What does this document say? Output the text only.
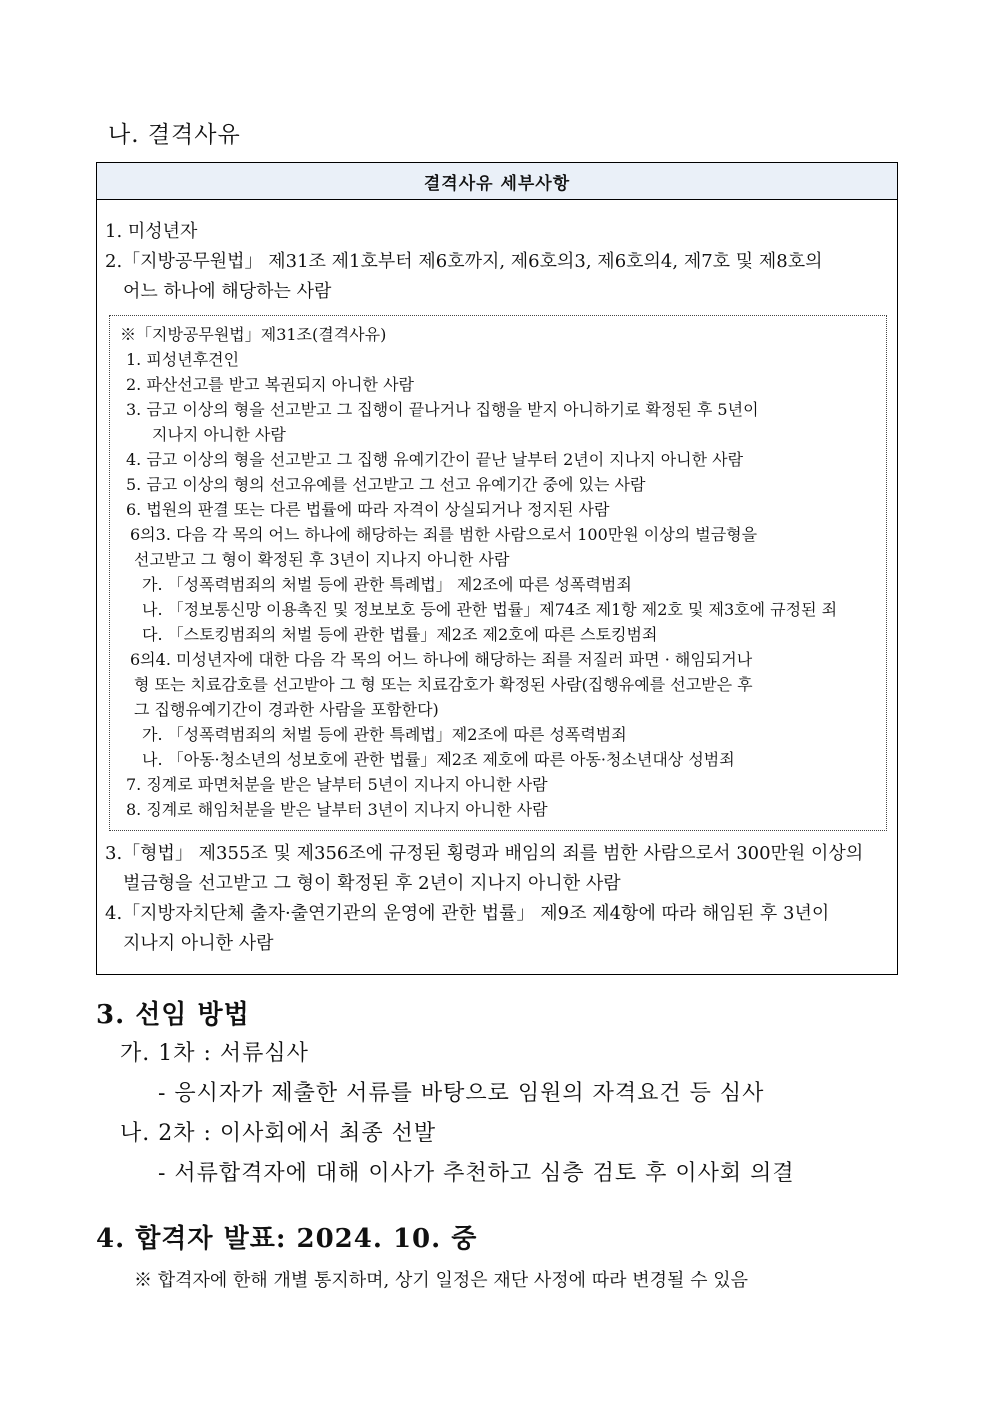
나. 결격사유
결격사유 세부사항
1. 미성년자
2.「지방공무원법」 제31조 제1호부터 제6호까지, 제6호의3, 제6호의4, 제7호 및 제8호의
어느 하나에 해당하는 사람
※「지방공무원법」제31조(결격사유)
1. 피성년후견인
2. 파산선고를 받고 복권되지 아니한 사람
3. 금고 이상의 형을 선고받고 그 집행이 끝나거나 집행을 받지 아니하기로 확정된 후 5년이
지나지 아니한 사람
4. 금고 이상의 형을 선고받고 그 집행 유예기간이 끝난 날부터 2년이 지나지 아니한 사람
5. 금고 이상의 형의 선고유예를 선고받고 그 선고 유예기간 중에 있는 사람
6. 법원의 판결 또는 다른 법률에 따라 자격이 상실되거나 정지된 사람
6의3. 다음 각 목의 어느 하나에 해당하는 죄를 범한 사람으로서 100만원 이상의 벌금형을
선고받고 그 형이 확정된 후 3년이 지나지 아니한 사람
가. 「성폭력범죄의 처벌 등에 관한 특례법」 제2조에 따른 성폭력범죄
나. 「정보통신망 이용촉진 및 정보보호 등에 관한 법률」제74조 제1항 제2호 및 제3호에 규정된 죄
다. 「스토킹범죄의 처벌 등에 관한 법률」제2조 제2호에 따른 스토킹범죄
6의4. 미성년자에 대한 다음 각 목의 어느 하나에 해당하는 죄를 저질러 파면 · 해임되거나
형 또는 치료감호를 선고받아 그 형 또는 치료감호가 확정된 사람(집행유예를 선고받은 후
그 집행유예기간이 경과한 사람을 포함한다)
가. 「성폭력범죄의 처벌 등에 관한 특례법」제2조에 따른 성폭력범죄
나. 「아동·청소년의 성보호에 관한 법률」제2조 제호에 따른 아동·청소년대상 성범죄
7. 징계로 파면처분을 받은 날부터 5년이 지나지 아니한 사람
8. 징계로 해임처분을 받은 날부터 3년이 지나지 아니한 사람
3.「형법」 제355조 및 제356조에 규정된 횡령과 배임의 죄를 범한 사람으로서 300만원 이상의
벌금형을 선고받고 그 형이 확정된 후 2년이 지나지 아니한 사람
4.「지방자치단체 출자·출연기관의 운영에 관한 법률」 제9조 제4항에 따라 해임된 후 3년이
지나지 아니한 사람
3. 선임 방법
가. 1차 : 서류심사
- 응시자가 제출한 서류를 바탕으로 임원의 자격요건 등 심사
나. 2차 : 이사회에서 최종 선발
- 서류합격자에 대해 이사가 추천하고 심층 검토 후 이사회 의결
4. 합격자 발표: 2024. 10. 중
※ 합격자에 한해 개별 통지하며, 상기 일정은 재단 사정에 따라 변경될 수 있음
